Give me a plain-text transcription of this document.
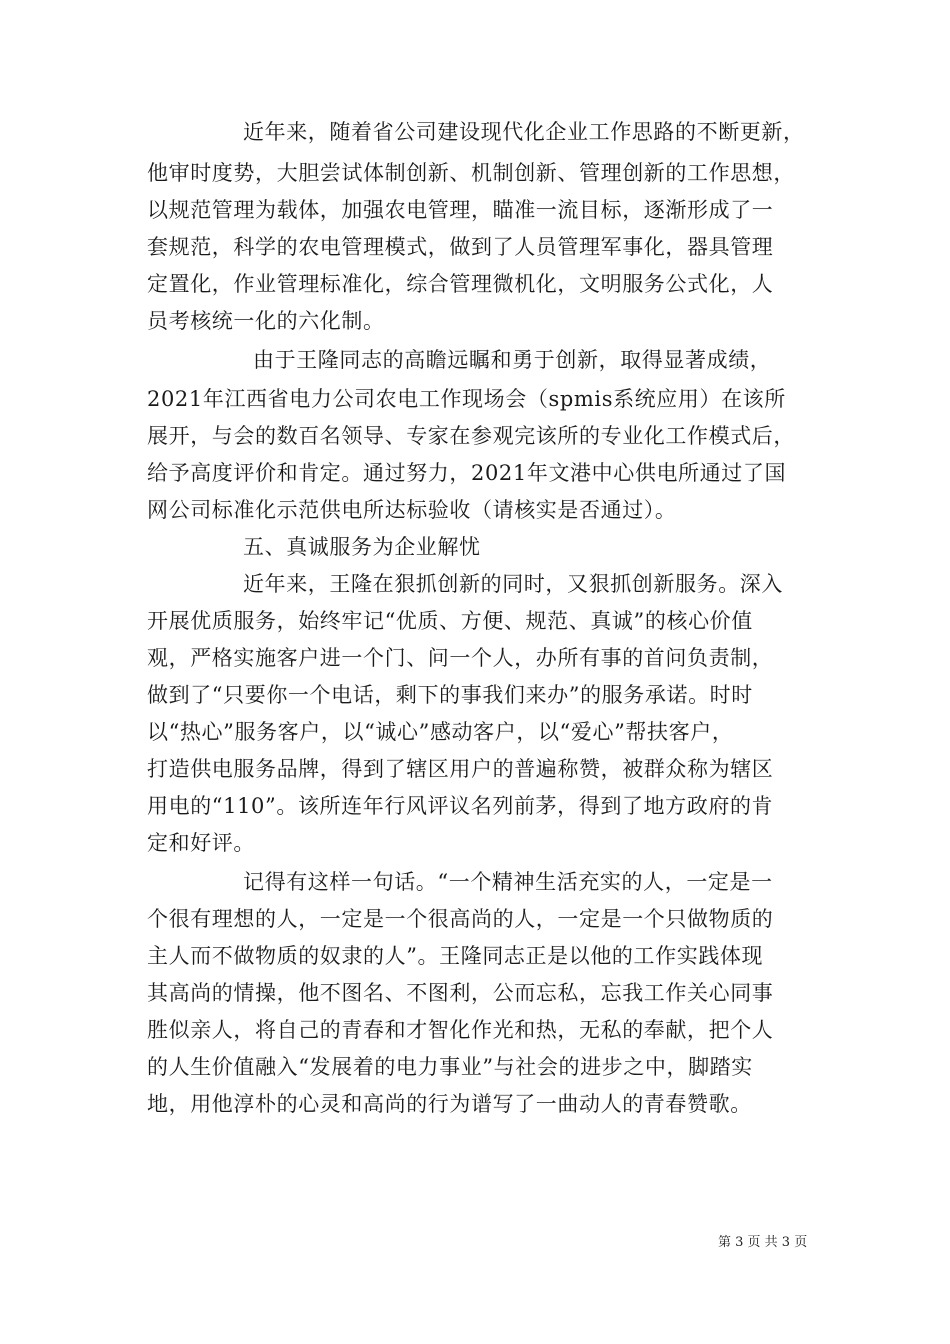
近年来，随着省公司建设现代化企业工作思路的不断更新，
他审时度势，大胆尝试体制创新、机制创新、管理创新的工作思想，
以规范管理为载体，加强农电管理，瞄准一流目标，逐渐形成了一
套规范，科学的农电管理模式，做到了人员管理军事化，器具管理
定置化，作业管理标准化，综合管理微机化，文明服务公式化，人
员考核统一化的六化制。
由于王隆同志的高瞻远瞩和勇于创新，取得显著成绩，
2021年江西省电力公司农电工作现场会（spmis系统应用）在该所
展开，与会的数百名领导、专家在参观完该所的专业化工作模式后，
给予高度评价和肯定。通过努力，2021年文港中心供电所通过了国
网公司标准化示范供电所达标验收（请核实是否通过）。
五、真诚服务为企业解忧
近年来，王隆在狠抓创新的同时，又狠抓创新服务。深入
开展优质服务，始终牢记“优质、方便、规范、真诚”的核心价值
观，严格实施客户进一个门、问一个人，办所有事的首问负责制，
做到了“只要你一个电话，剩下的事我们来办”的服务承诺。时时
以“热心”服务客户，以“诚心”感动客户，以“爱心”帮扶客户，
打造供电服务品牌，得到了辖区用户的普遍称赞，被群众称为辖区
用电的“110”。该所连年行风评议名列前茅，得到了地方政府的肯
定和好评。
记得有这样一句话。“一个精神生活充实的人，一定是一
个很有理想的人，一定是一个很高尚的人，一定是一个只做物质的
主人而不做物质的奴隶的人”。王隆同志正是以他的工作实践体现
其高尚的情操，他不图名、不图利，公而忘私，忘我工作关心同事
胜似亲人，将自己的青春和才智化作光和热，无私的奉献，把个人
的人生价值融入“发展着的电力事业”与社会的进步之中，脚踏实
地，用他淳朴的心灵和高尚的行为谱写了一曲动人的青春赞歌。
第 3 页 共 3 页
